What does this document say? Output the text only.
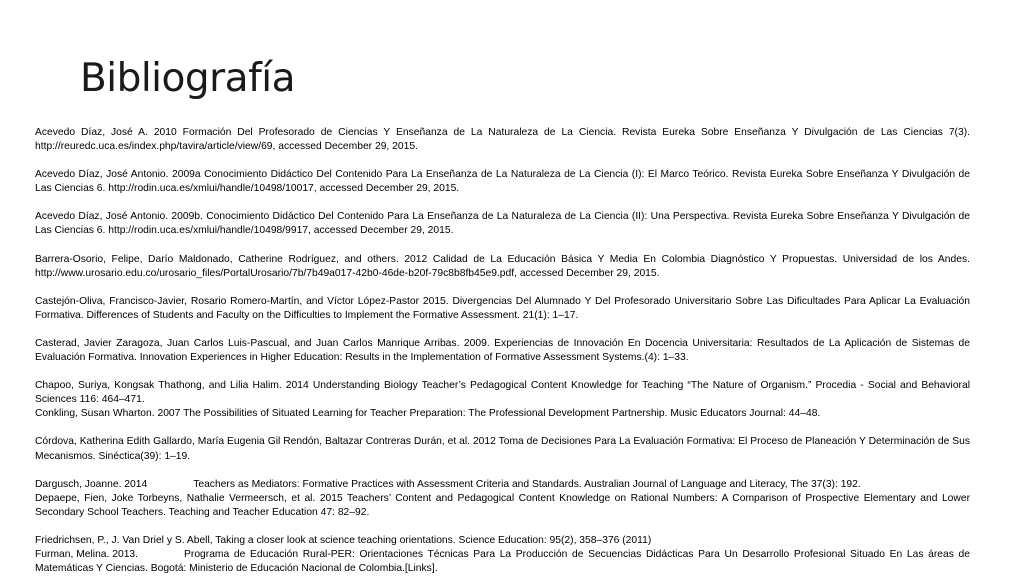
Bibliografía

Acevedo Díaz, José A. 2010 Formación Del Profesorado de Ciencias Y Enseñanza de La Naturaleza de La Ciencia. Revista Eureka Sobre Enseñanza Y Divulgación de Las Ciencias 7(3). http://reuredc.uca.es/index.php/tavira/article/view/69, accessed December 29, 2015.

Acevedo Díaz, José Antonio. 2009a Conocimiento Didáctico Del Contenido Para La Enseñanza de La Naturaleza de La Ciencia (I): El Marco Teórico. Revista Eureka Sobre Enseñanza Y Divulgación de Las Ciencias 6. http://rodin.uca.es/xmlui/handle/10498/10017, accessed December 29, 2015.

Acevedo Díaz, José Antonio. 2009b. Conocimiento Didáctico Del Contenido Para La Enseñanza de La Naturaleza de La Ciencia (II): Una Perspectiva. Revista Eureka Sobre Enseñanza Y Divulgación de Las Ciencias 6. http://rodin.uca.es/xmlui/handle/10498/9917, accessed December 29, 2015.

Barrera-Osorio, Felipe, Darío Maldonado, Catherine Rodríguez, and others. 2012 Calidad de La Educación Básica Y Media En Colombia Diagnóstico Y Propuestas. Universidad de los Andes. http://www.urosario.edu.co/urosario_files/PortalUrosario/7b/7b49a017-42b0-46de-b20f-79c8b8fb45e9.pdf, accessed December 29, 2015.

Castejón-Oliva, Francisco-Javier, Rosario Romero-Martín, and Víctor López-Pastor 2015. Divergencias Del Alumnado Y Del Profesorado Universitario Sobre Las Dificultades Para Aplicar La Evaluación Formativa. Differences of Students and Faculty on the Difficulties to Implement the Formative Assessment. 21(1): 1–17.

Casterad, Javier Zaragoza, Juan Carlos Luis-Pascual, and Juan Carlos Manrique Arribas. 2009. Experiencias de Innovación En Docencia Universitaria: Resultados de La Aplicación de Sistemas de Evaluación Formativa. Innovation Experiences in Higher Education: Results in the Implementation of Formative Assessment Systems.(4): 1–33.

Chapoo, Suriya, Kongsak Thathong, and Lilia Halim. 2014 Understanding Biology Teacher’s Pedagogical Content Knowledge for Teaching “The Nature of Organism.” Procedia - Social and Behavioral Sciences 116: 464–471.

Conkling, Susan Wharton. 2007 The Possibilities of Situated Learning for Teacher Preparation: The Professional Development Partnership. Music Educators Journal: 44–48.

Córdova, Katherina Edith Gallardo, María Eugenia Gil Rendón, Baltazar Contreras Durán, et al. 2012 Toma de Decisiones Para La Evaluación Formativa: El Proceso de Planeación Y Determinación de Sus Mecanismos. Sinéctica(39): 1–19.

Dargusch, Joanne. 2014	Teachers as Mediators: Formative Practices with Assessment Criteria and Standards. Australian Journal of Language and Literacy, The 37(3): 192.

Depaepe, Fien, Joke Torbeyns, Nathalie Vermeersch, et al. 2015 Teachers’ Content and Pedagogical Content Knowledge on Rational Numbers: A Comparison of Prospective Elementary and Lower Secondary School Teachers. Teaching and Teacher Education 47: 82–92.

Friedrichsen, P., J. Van Driel y S. Abell, Taking a closer look at science teaching orientations. Science Education: 95(2), 358–376 (2011)

Furman, Melina. 2013.	Programa de Educación Rural-PER: Orientaciones Técnicas Para La Producción de Secuencias Didácticas Para Un Desarrollo Profesional Situado En Las áreas de Matemáticas Y Ciencias. Bogotá: Ministerio de Educación Nacional de Colombia.[Links].
